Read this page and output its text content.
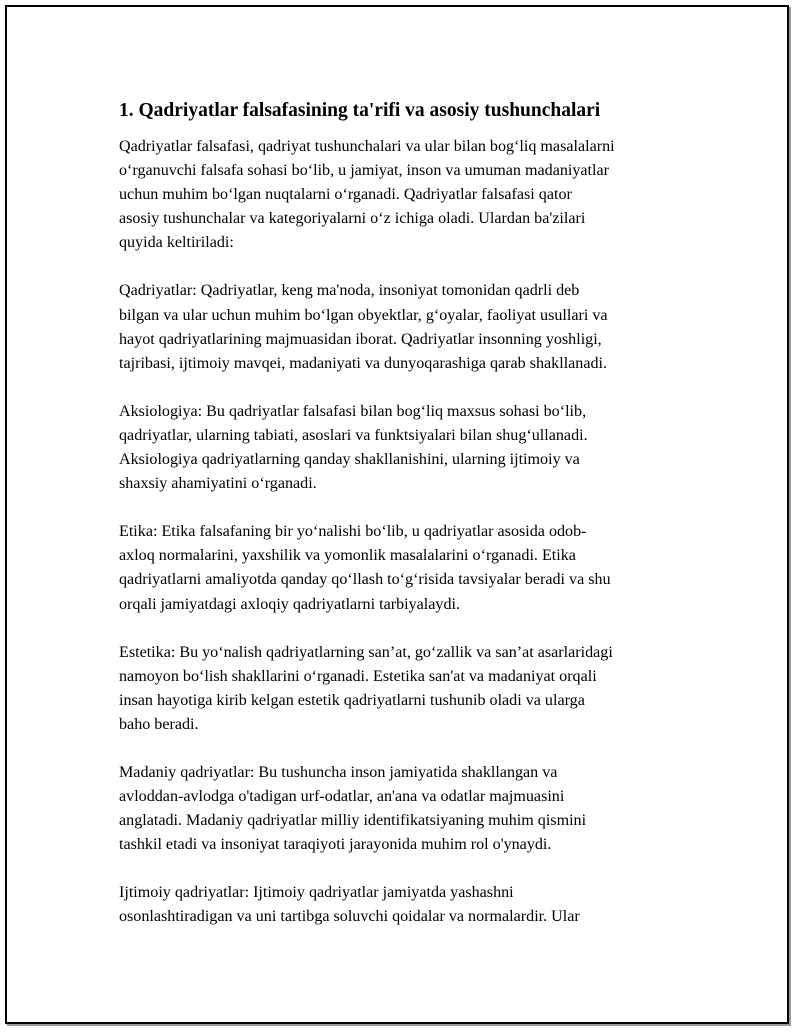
1. Qadriyatlar falsafasining ta'rifi va asosiy tushunchalari
Qadriyatlar falsafasi, qadriyat tushunchalari va ular bilan bog‘liq masalalarni
o‘rganuvchi falsafa sohasi bo‘lib, u jamiyat, inson va umuman madaniyatlar
uchun muhim bo‘lgan nuqtalarni o‘rganadi. Qadriyatlar falsafasi qator
asosiy tushunchalar va kategoriyalarni o‘z ichiga oladi. Ulardan ba'zilari
quyida keltiriladi:
Qadriyatlar: Qadriyatlar, keng ma'noda, insoniyat tomonidan qadrli deb
bilgan va ular uchun muhim bo‘lgan obyektlar, g‘oyalar, faoliyat usullari va
hayot qadriyatlarining majmuasidan iborat. Qadriyatlar insonning yoshligi,
tajribasi, ijtimoiy mavqei, madaniyati va dunyoqarashiga qarab shakllanadi.
Aksiologiya: Bu qadriyatlar falsafasi bilan bog‘liq maxsus sohasi bo‘lib,
qadriyatlar, ularning tabiati, asoslari va funktsiyalari bilan shug‘ullanadi.
Aksiologiya qadriyatlarning qanday shakllanishini, ularning ijtimoiy va
shaxsiy ahamiyatini o‘rganadi.
Etika: Etika falsafaning bir yo‘nalishi bo‘lib, u qadriyatlar asosida odob-
axloq normalarini, yaxshilik va yomonlik masalalarini o‘rganadi. Etika
qadriyatlarni amaliyotda qanday qo‘llash to‘g‘risida tavsiyalar beradi va shu
orqali jamiyatdagi axloqiy qadriyatlarni tarbiyalaydi.
Estetika: Bu yo‘nalish qadriyatlarning san’at, go‘zallik va san’at asarlaridagi
namoyon bo‘lish shakllarini o‘rganadi. Estetika san'at va madaniyat orqali
insan hayotiga kirib kelgan estetik qadriyatlarni tushunib oladi va ularga
baho beradi.
Madaniy qadriyatlar: Bu tushuncha inson jamiyatida shakllangan va
avloddan-avlodga o'tadigan urf-odatlar, an'ana va odatlar majmuasini
anglatadi. Madaniy qadriyatlar milliy identifikatsiyaning muhim qismini
tashkil etadi va insoniyat taraqiyoti jarayonida muhim rol o'ynaydi.
Ijtimoiy qadriyatlar: Ijtimoiy qadriyatlar jamiyatda yashashni
osonlashtiradigan va uni tartibga soluvchi qoidalar va normalardir. Ular
